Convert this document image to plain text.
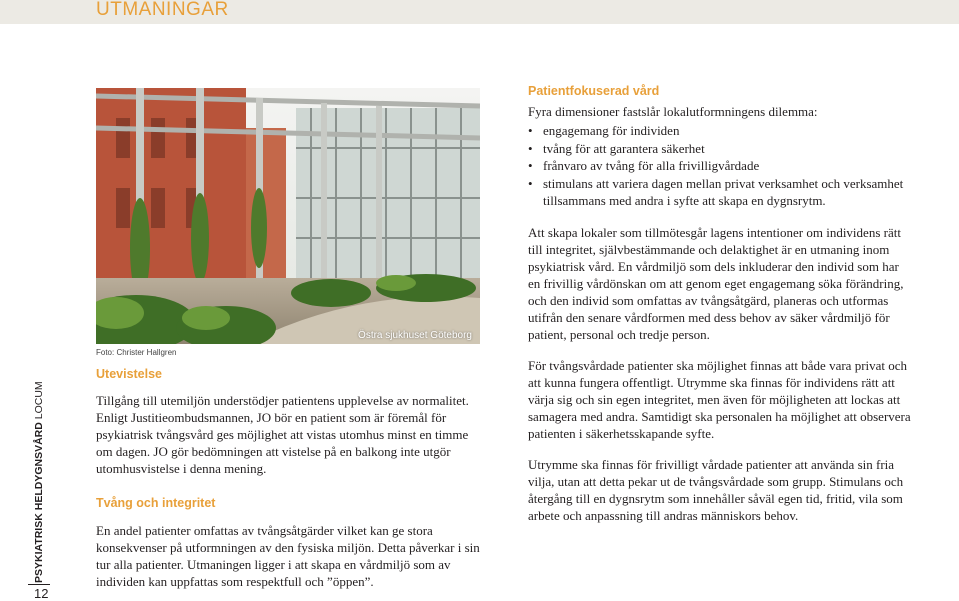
UTMANINGAR
PSYKIATRISK HELDYGNSVÅRD LOCUM
12
Östra sjukhuset Göteborg
Foto: Christer Hallgren
Utevistelse

Tillgång till utemiljön understödjer patientens upplevelse av normalitet. Enligt Justitieombudsmannen, JO bör en patient som är föremål för psykiatrisk tvångsvård ges möjlighet att vistas utomhus minst en timme om dagen. JO gör bedömningen att vistelse på en balkong inte utgör utomhusvistelse i denna mening.

Tvång och integritet

En andel patienter omfattas av tvångsåtgärder vilket kan ge stora konsekvenser på utformningen av den fysiska miljön. Detta påverkar i sin tur alla patienter. Utmaningen ligger i att skapa en vårdmiljö som av individen kan uppfattas som respektfull och ”öppen”.

Patientfokuserad vård

Fyra dimensioner fastslår lokalutformningens dilemma:

• engagemang för individen
• tvång för att garantera säkerhet
• frånvaro av tvång för alla frivilligvårdade
• stimulans att variera dagen mellan privat verksamhet och verksamhet tillsammans med andra i syfte att skapa en dygnsrytm.

Att skapa lokaler som tillmötesgår lagens intentioner om individens rätt till integritet, självbestämmande och delaktighet är en utmaning inom psykiatrisk vård. En vårdmiljö som dels inkluderar den individ som har en frivillig vårdönskan om att genom eget engagemang söka förändring, och den individ som omfattas av tvångsåtgärd, planeras och utformas utifrån den senare vårdformen med dess behov av säker vårdmiljö för patient, personal och tredje person.

För tvångsvårdade patienter ska möjlighet finnas att både vara privat och att kunna fungera offentligt. Utrymme ska finnas för individens rätt att värja sig och sin egen integritet, men även för möjligheten att lockas att samagera med andra. Samtidigt ska personalen ha möjlighet att observera patienten i säkerhetsskapande syfte.

Utrymme ska finnas för frivilligt vårdade patienter att använda sin fria vilja, utan att detta pekar ut de tvångsvårdade som grupp. Stimulans och återgång till en dygnsrytm som innehåller såväl egen tid, fritid, vila som arbete och anpassning till andras människors behov.
